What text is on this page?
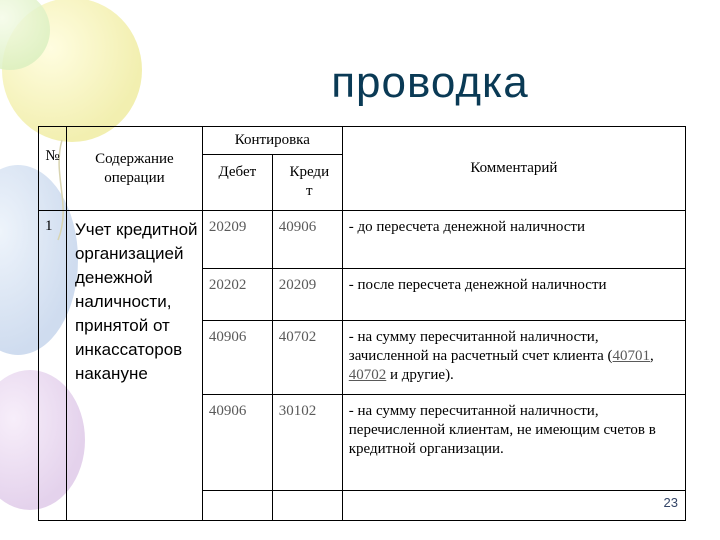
проводка
№	Содержание операции	Контировка		Комментарий
		Дебет	Креди т	
1	Учет кредитной организацией денежной наличности, принятой от инкассаторов накануне	20209	40906	- до пересчета денежной наличности
		20202	20209	- после пересчета денежной наличности
		40906	40702	- на сумму пересчитанной наличности, зачисленной на расчетный счет клиента (40701, 40702 и другие).
		40906	30102	- на сумму пересчитанной наличности, перечисленной клиентам, не имеющим счетов в кредитной организации.

23
